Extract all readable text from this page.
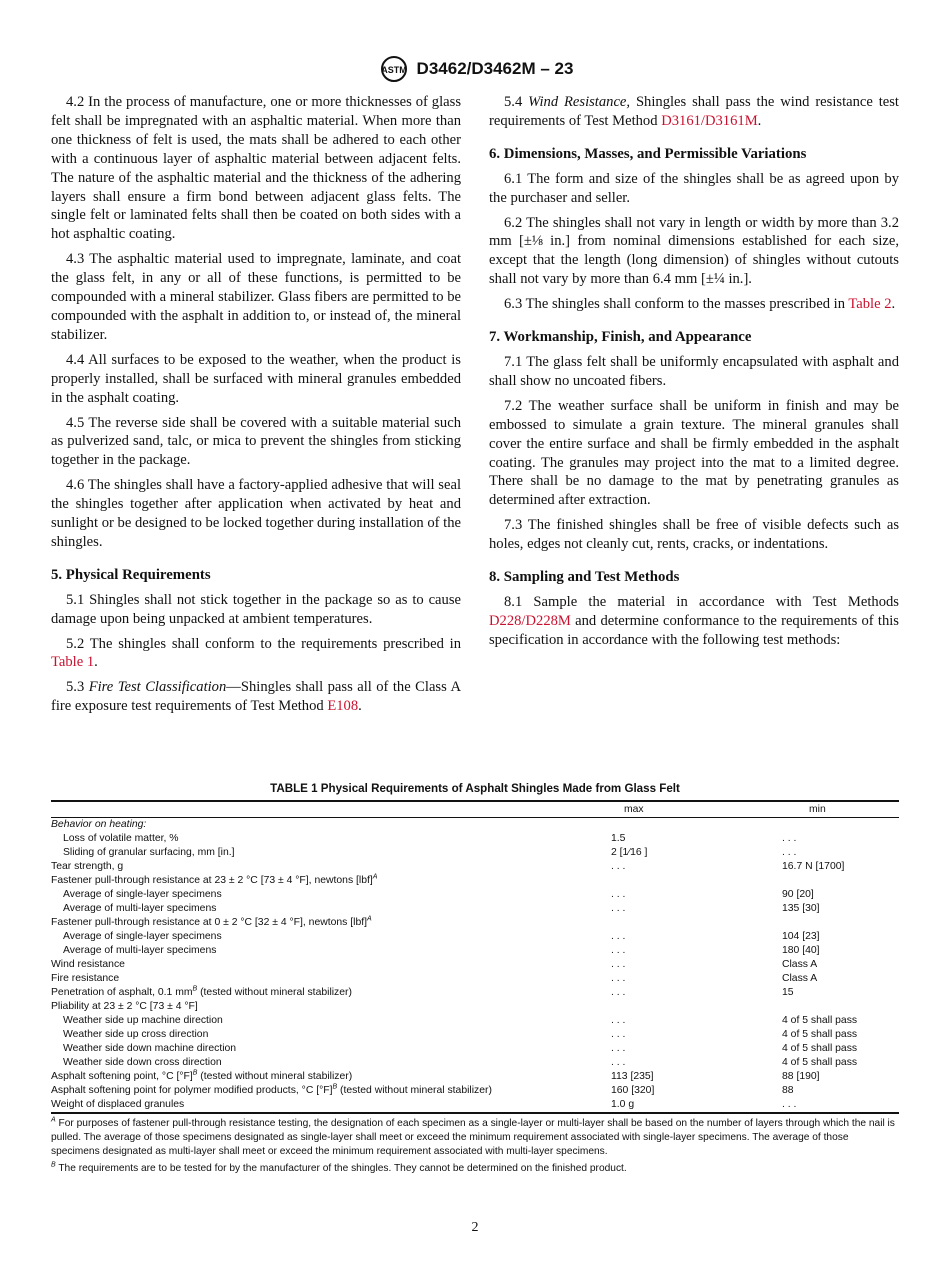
ASTM D3462/D3462M – 23

4.2 In the process of manufacture, one or more thicknesses of glass felt shall be impregnated with an asphaltic material. When more than one thickness of felt is used, the mats shall be adhered to each other with a continuous layer of asphaltic material between adjacent felts. The nature of the asphaltic material and the thickness of the adhering layers shall ensure a firm bond between adjacent glass felts. The single felt or laminated felts shall then be coated on both sides with a hot asphaltic coating.

4.3 The asphaltic material used to impregnate, laminate, and coat the glass felt, in any or all of these functions, is permitted to be compounded with a mineral stabilizer. Glass fibers are permitted to be compounded with the asphalt in addition to, or instead of, the mineral stabilizer.

4.4 All surfaces to be exposed to the weather, when the product is properly installed, shall be surfaced with mineral granules embedded in the asphalt coating.

4.5 The reverse side shall be covered with a suitable material such as pulverized sand, talc, or mica to prevent the shingles from sticking together in the package.

4.6 The shingles shall have a factory-applied adhesive that will seal the shingles together after application when activated by heat and sunlight or be designed to be locked together during installation of the shingles.

5. Physical Requirements

5.1 Shingles shall not stick together in the package so as to cause damage upon being unpacked at ambient temperatures.

5.2 The shingles shall conform to the requirements prescribed in Table 1.

5.3 Fire Test Classification—Shingles shall pass all of the Class A fire exposure test requirements of Test Method E108.

5.4 Wind Resistance, Shingles shall pass the wind resistance test requirements of Test Method D3161/D3161M.

6. Dimensions, Masses, and Permissible Variations

6.1 The form and size of the shingles shall be as agreed upon by the purchaser and seller.

6.2 The shingles shall not vary in length or width by more than 3.2 mm [±⅛ in.] from nominal dimensions established for each size, except that the length (long dimension) of shingles without cutouts shall not vary by more than 6.4 mm [±¼ in.].

6.3 The shingles shall conform to the masses prescribed in Table 2.

7. Workmanship, Finish, and Appearance

7.1 The glass felt shall be uniformly encapsulated with asphalt and shall show no uncoated fibers.

7.2 The weather surface shall be uniform in finish and may be embossed to simulate a grain texture. The mineral granules shall cover the entire surface and shall be firmly embedded in the asphalt coating. The granules may project into the mat to a limited degree. There shall be no damage to the mat by penetrating granules as determined after extraction.

7.3 The finished shingles shall be free of visible defects such as holes, edges not cleanly cut, rents, cracks, or indentations.

8. Sampling and Test Methods

8.1 Sample the material in accordance with Test Methods D228/D228M and determine conformance to the requirements of this specification in accordance with the following test methods:

TABLE 1 Physical Requirements of Asphalt Shingles Made from Glass Felt
	max	min
Behavior on heating:		
Loss of volatile matter, %	1.5	. . .
Sliding of granular surfacing, mm [in.]	2 [1⁄16 ]	. . .
Tear strength, g	. . .	16.7 N [1700]
Fastener pull-through resistance at 23 ± 2 °C [73 ± 4 °F], newtons [lbf]$^A$		
Average of single-layer specimens	. . .	90 [20]
Average of multi-layer specimens	. . .	135 [30]
Fastener pull-through resistance at 0 ± 2 °C [32 ± 4 °F], newtons [lbf]$^A$		
Average of single-layer specimens	. . .	104 [23]
Average of multi-layer specimens	. . .	180 [40]
Wind resistance	. . .	Class A
Fire resistance	. . .	Class A
Penetration of asphalt, 0.1 $mm^B$ (tested without mineral stabilizer)	. . .	15
Pliability at 23 ± 2 °C [73 ± 4 °F]		
Weather side up machine direction	. . .	4 of 5 shall pass
Weather side up cross direction	. . .	4 of 5 shall pass
Weather side down machine direction	. . .	4 of 5 shall pass
Weather side down cross direction	. . .	4 of 5 shall pass
Asphalt softening point, °C $[^\circ F]^B$ (tested without mineral stabilizer)	113 [235]	88 [190]
Asphalt softening point for polymer modified products, °C $[^\circ F]^B$ (tested without mineral stabilizer)	160 [320]	88
Weight of displaced granules	1.0 g	. . .
$^A$ For purposes of fastener pull-through resistance testing, the designation of each specimen as a single-layer or multi-layer shall be based on the number of layers through which the nail is pulled. The average of those specimens designated as single-layer shall meet or exceed the minimum requirement associated with single-layer specimens. The average of those specimens designated as multi-layer shall meet or exceed the minimum requirement associated with multi-layer specimens.
$^B$ The requirements are to be tested for by the manufacturer of the shingles. They cannot be determined on the finished product.
2
